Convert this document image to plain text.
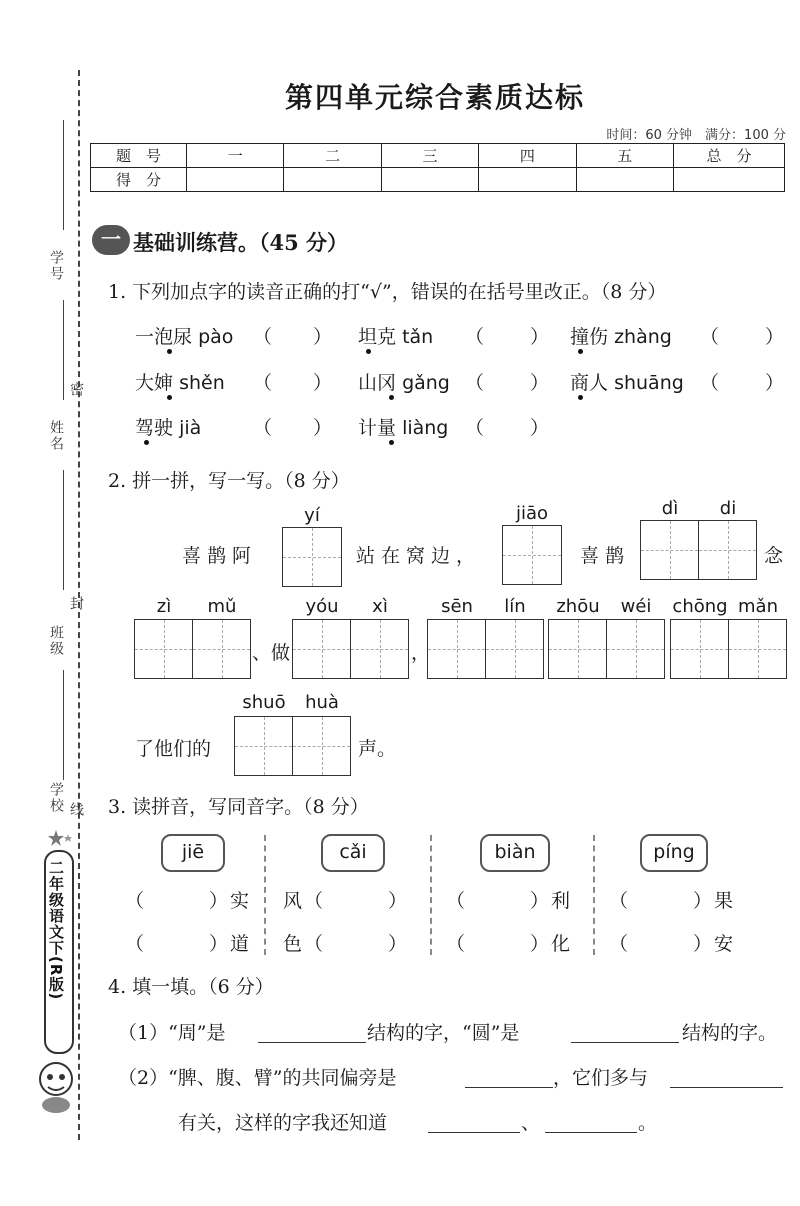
学号
密
姓名
封
班级
学校 线
二年级语文下(R版)
第四单元综合素质达标
时间：60 分钟　满分：100 分
题　号	一	二	三	四	五	总　分
得　分						
一 基础训练营。（45 分）
1. 下列加点字的读音正确的打“√”，错误的在括号里改正。（8 分）
一泡尿 pào （ ） 坦克 tǎn （ ） 撞伤 zhàng （ ）
大婶 shěn （ ） 山冈 gǎng （ ） 商人 shuāng （ ）
驾驶 jià	（ ） 计量 liàng （ ）
2. 拼一拼，写一写。（8 分）
喜鹊阿
yí
站在窝边，
jiāo
喜鹊
dì	di
念
zì	mǔ
、做
yóu	xì
，
sēn	lín	zhōu	wéi	chōng mǎn
了他们的
shuō	huà
声。
3. 读拼音，写同音字。（8 分）
jiē	cǎi	biàn	píng
（　　　）实 风（　　　） （　　　）利 （　　　）果
（　　　）道 色（　　　） （　　　）化 （　　　）安
4. 填一填。（6 分）
（1）“周”是	结构的字，“圆”是	结构的字。
（2）“脾、腹、臂”的共同偏旁是	，它们多与
有关，这样的字我还知道	、	。
